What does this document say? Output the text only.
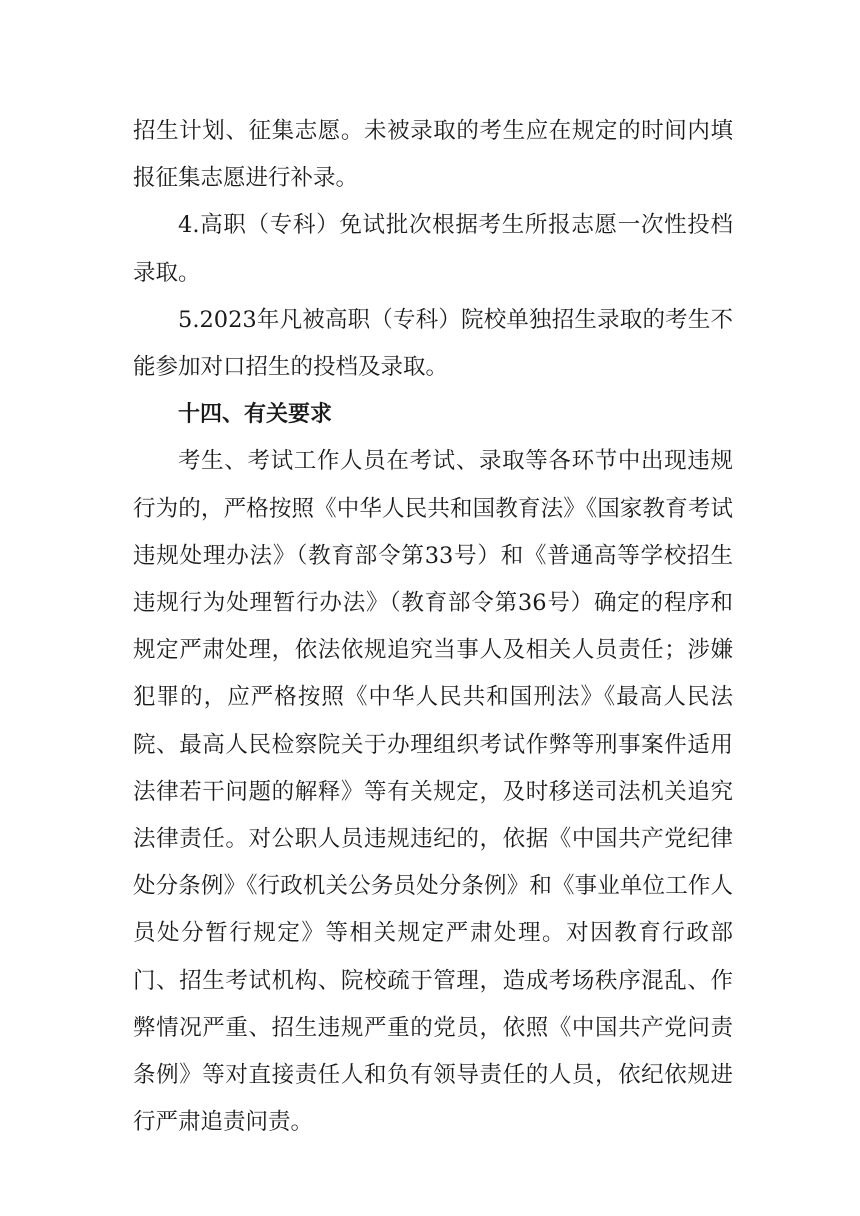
招生计划、征集志愿。未被录取的考生应在规定的时间内填报征集志愿进行补录。

4.高职（专科）免试批次根据考生所报志愿一次性投档录取。

5.2023年凡被高职（专科）院校单独招生录取的考生不能参加对口招生的投档及录取。

十四、有关要求

考生、考试工作人员在考试、录取等各环节中出现违规行为的，严格按照《中华人民共和国教育法》《国家教育考试违规处理办法》（教育部令第33号）和《普通高等学校招生违规行为处理暂行办法》（教育部令第36号）确定的程序和规定严肃处理，依法依规追究当事人及相关人员责任；涉嫌犯罪的，应严格按照《中华人民共和国刑法》《最高人民法院、最高人民检察院关于办理组织考试作弊等刑事案件适用法律若干问题的解释》等有关规定，及时移送司法机关追究法律责任。对公职人员违规违纪的，依据《中国共产党纪律处分条例》《行政机关公务员处分条例》和《事业单位工作人员处分暂行规定》等相关规定严肃处理。对因教育行政部门、招生考试机构、院校疏于管理，造成考场秩序混乱、作弊情况严重、招生违规严重的党员，依照《中国共产党问责条例》等对直接责任人和负有领导责任的人员，依纪依规进行严肃追责问责。
